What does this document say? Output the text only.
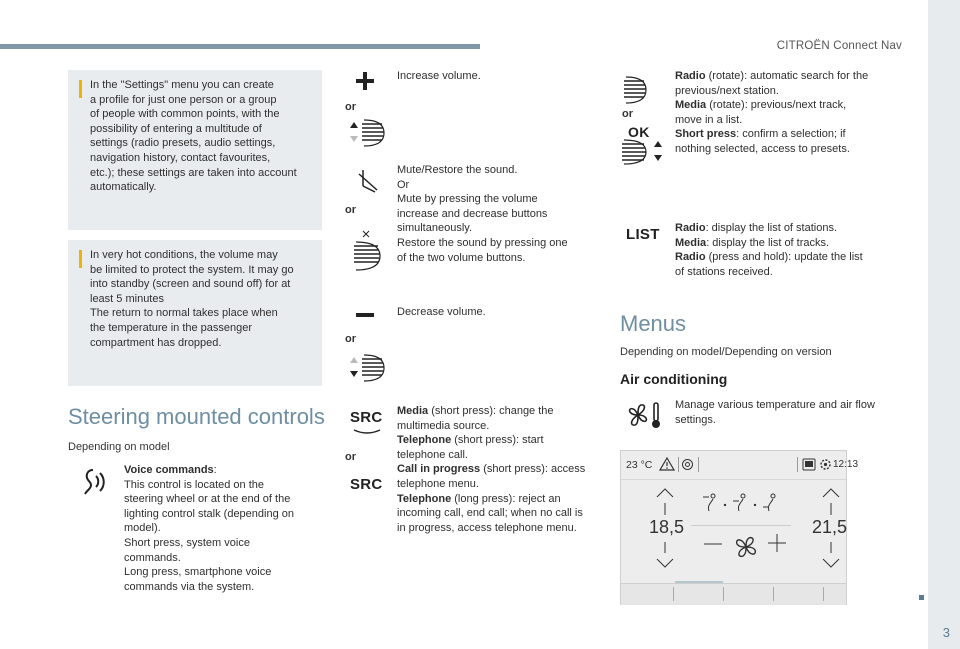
CITROËN Connect Nav
3
In the "Settings" menu you can create
a profile for just one person or a group
of people with common points, with the
possibility of entering a multitude of
settings (radio presets, audio settings,
navigation history, contact favourites,
etc.); these settings are taken into account
automatically.
In very hot conditions, the volume may
be limited to protect the system. It may go
into standby (screen and sound off) for at
least 5 minutes
The return to normal takes place when
the temperature in the passenger
compartment has dropped.
Steering mounted controls
Depending on model
Voice commands:
This control is located on the
steering wheel or at the end of the
lighting control stalk (depending on
model).
Short press, system voice
commands.
Long press, smartphone voice
commands via the system.
or
Increase volume.
or
Mute/Restore the sound.
Or
Mute by pressing the volume
increase and decrease buttons
simultaneously.
Restore the sound by pressing one
of the two volume buttons.
or
Decrease volume.
SRC
or
SRC
Media (short press): change the multimedia source.
Telephone (short press): start telephone call.
Call in progress (short press): access telephone menu.
Telephone (long press): reject an incoming call, end call; when no call is in progress, access telephone menu.
or
OK
Radio (rotate): automatic search for the previous/next station.
Media (rotate): previous/next track, move in a list.
Short press: confirm a selection; if nothing selected, access to presets.
LIST Radio: display the list of stations.
Media: display the list of tracks.
Radio (press and hold): update the list of stations received.
Menus
Depending on model/Depending on version
Air conditioning
Manage various temperature and air flow settings.
23 °C	12:13
18,5	21,5
